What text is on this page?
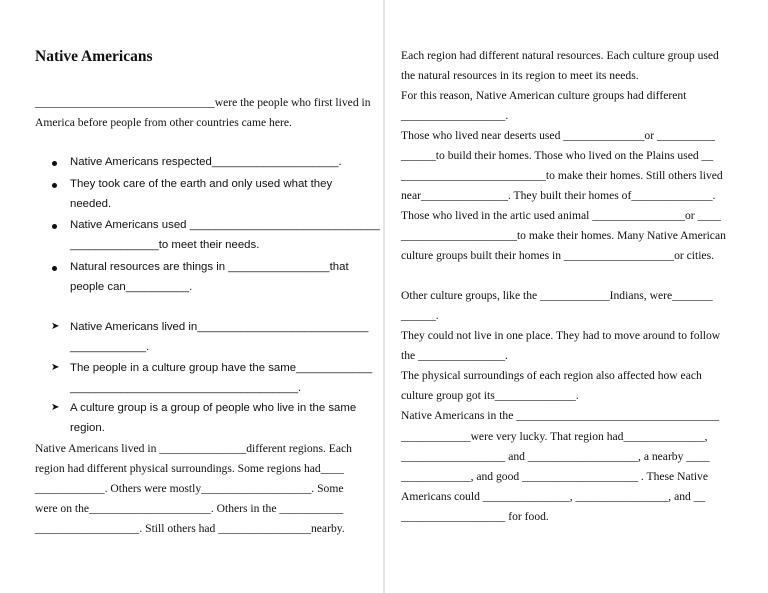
Native Americans
_______________________________were the people who first lived in
America before people from other countries came here.
Native Americans respected____________________.
They took care of the earth and only used what they
needed.
Native Americans used ______________________________
______________to meet their needs.
Natural resources are things in ________________that
people can__________.
➤ Native Americans lived in___________________________
____________.
➤ The people in a culture group have the same____________
____________________________________.
➤ A culture group is a group of people who live in the same
region.
Native Americans lived in _______________different regions. Each
region had different physical surroundings. Some regions had____
____________. Others were mostly___________________. Some
were on the_____________________. Others in the ___________
__________________. Still others had ________________nearby.
Each region had different natural resources. Each culture group used
the natural resources in its region to meet its needs.
For this reason, Native American culture groups had different
__________________.
Those who lived near deserts used ______________or __________
______to build their homes. Those who lived on the Plains used __
_________________________to make their homes. Still others lived
near_______________. They built their homes of______________.
Those who lived in the artic used animal ________________or ____
____________________to make their homes. Many Native American
culture groups built their homes in ___________________or cities.
Other culture groups, like the ____________Indians, were_______
______.
They could not live in one place. They had to move around to follow
the _______________.
The physical surroundings of each region also affected how each
culture group got its______________.
Native Americans in the ___________________________________
____________were very lucky. That region had______________,
__________________ and ___________________, a nearby ____
____________, and good ____________________ . These Native
Americans could _______________, ________________, and __
__________________ for food.
